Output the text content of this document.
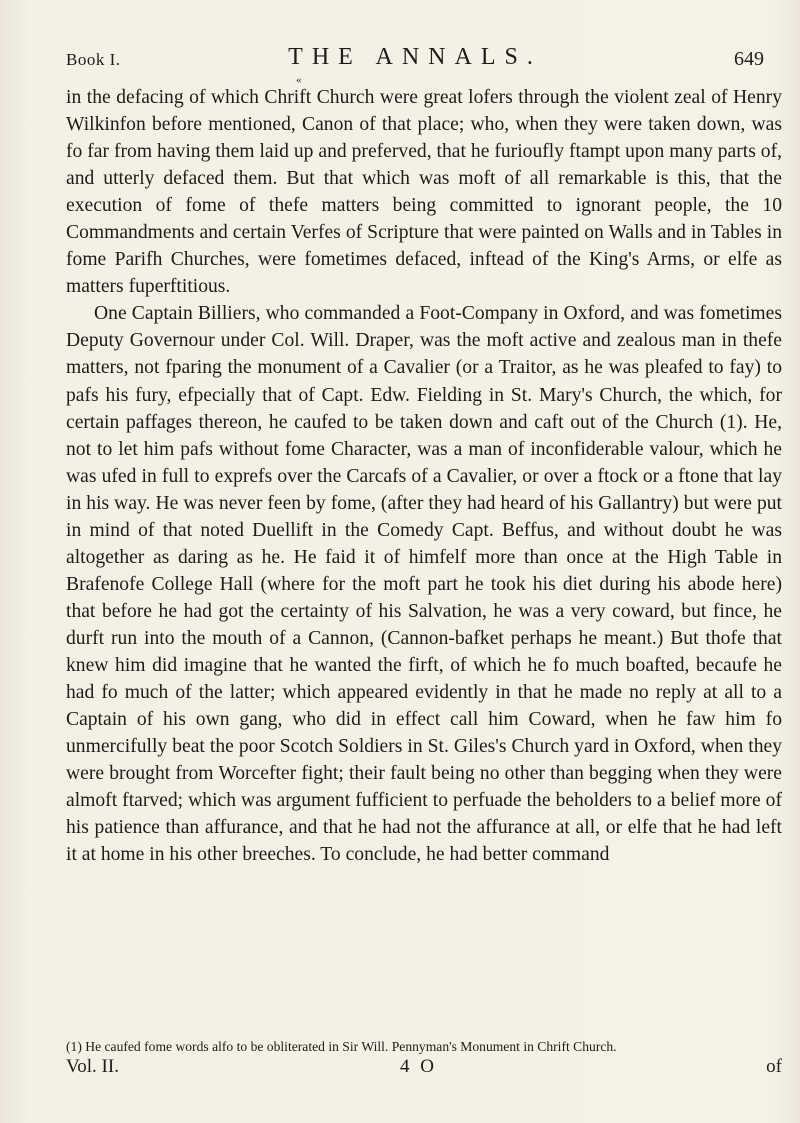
Book I.	THE ANNALS.	649
«

in the defacing of which Chrift Church were great lofers through the violent zeal of Henry Wilkinfon before mentioned, Canon of that place; who, when they were taken down, was fo far from having them laid up and preferved, that he furioufly ftampt upon many parts of, and utterly defaced them. But that which was moft of all remarkable is this, that the execution of fome of thefe matters being committed to ignorant people, the 10 Commandments and certain Verfes of Scripture that were painted on Walls and in Tables in fome Parifh Churches, were fometimes defaced, inftead of the King's Arms, or elfe as matters fuperftitious.

One Captain Billiers, who commanded a Foot-Company in Oxford, and was fometimes Deputy Governour under Col. Will. Draper, was the moft active and zealous man in thefe matters, not fparing the monument of a Cavalier (or a Traitor, as he was pleafed to fay) to pafs his fury, efpecially that of Capt. Edw. Fielding in St. Mary's Church, the which, for certain paffages thereon, he caufed to be taken down and caft out of the Church (1). He, not to let him pafs without fome Character, was a man of inconfiderable valour, which he was ufed in full to exprefs over the Carcafs of a Cavalier, or over a ftock or a ftone that lay in his way. He was never feen by fome, (after they had heard of his Gallantry) but were put in mind of that noted Duellift in the Comedy Capt. Beffus, and without doubt he was altogether as daring as he. He faid it of himfelf more than once at the High Table in Brafenofe College Hall (where for the moft part he took his diet during his abode here) that before he had got the certainty of his Salvation, he was a very coward, but fince, he durft run into the mouth of a Cannon, (Cannon-bafket perhaps he meant.) But thofe that knew him did imagine that he wanted the firft, of which he fo much boafted, becaufe he had fo much of the latter; which appeared evidently in that he made no reply at all to a Captain of his own gang, who did in effect call him Coward, when he faw him fo unmercifully beat the poor Scotch Soldiers in St. Giles's Church yard in Oxford, when they were brought from Worcefter fight; their fault being no other than begging when they were almoft ftarved; which was argument fufficient to perfuade the beholders to a belief more of his patience than affurance, and that he had not the affurance at all, or elfe that he had left it at home in his other breeches. To conclude, he had better command

(1) He caufed fome words alfo to be obliterated in Sir Will. Pennyman's Monument in Chrift Church.
Vol. II.	4 O	of
